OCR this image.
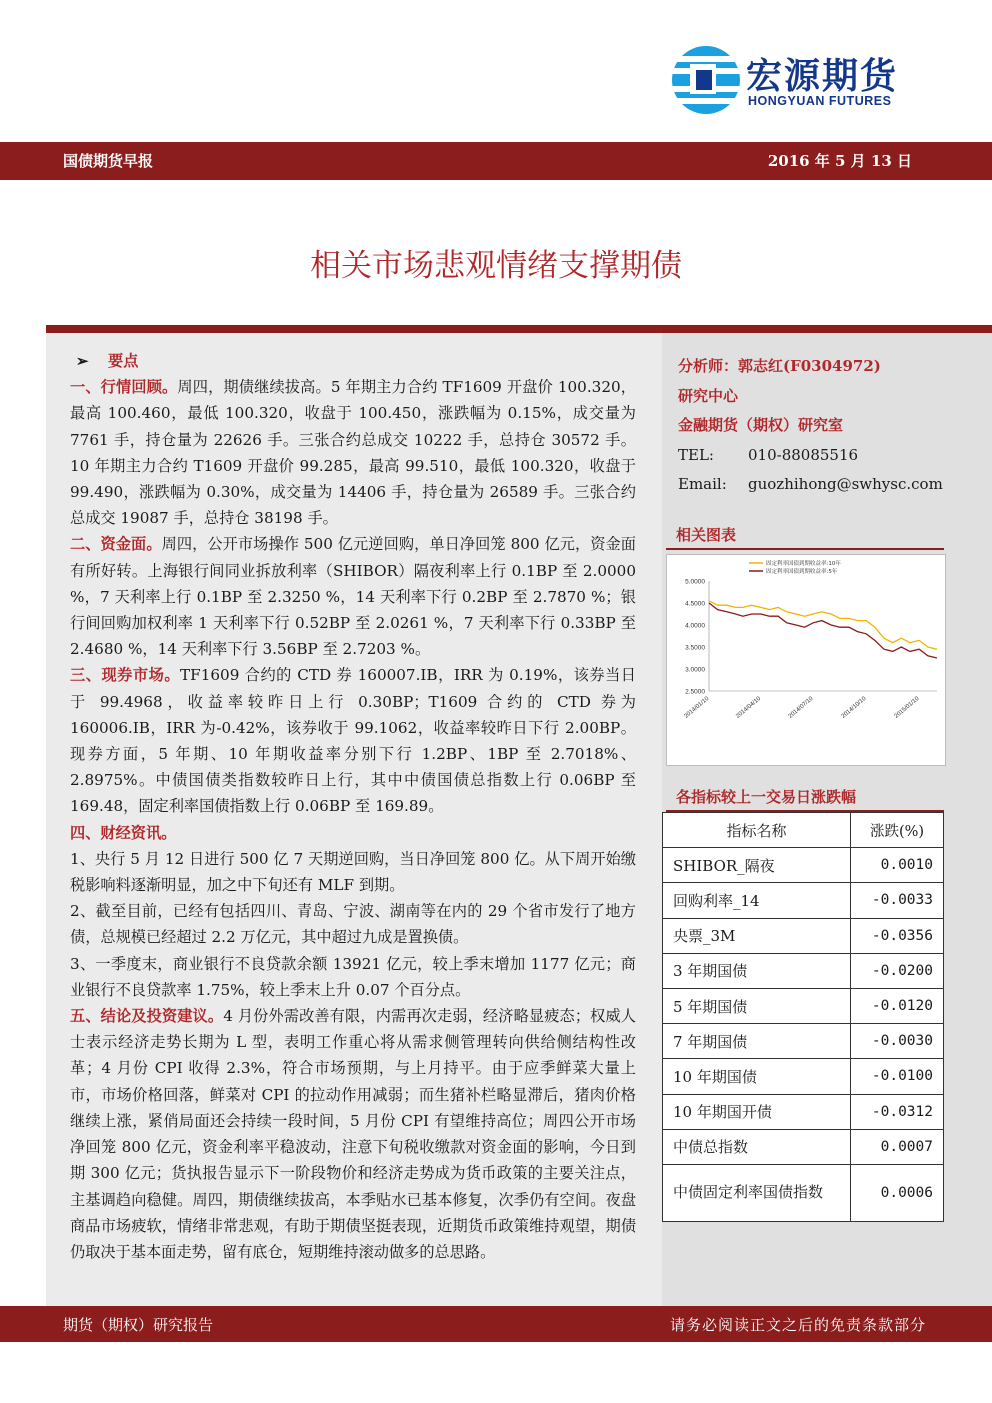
宏源期货
HONGYUAN FUTURES
国债期货早报	2016 年 5 月 13 日
相关市场悲观情绪支撑期债

➢ 要点

一、行情回顾。周四，期债继续拔高。5 年期主力合约 TF1609 开盘价 100.320，最高 100.460，最低 100.320，收盘于 100.450，涨跌幅为 0.15%，成交量为 7761 手，持仓量为 22626 手。三张合约总成交 10222 手，总持仓 30572 手。10 年期主力合约 T1609 开盘价 99.285，最高 99.510，最低 100.320，收盘于 99.490，涨跌幅为 0.30%，成交量为 14406 手，持仓量为 26589 手。三张合约总成交 19087 手，总持仓 38198 手。

二、资金面。周四，公开市场操作 500 亿元逆回购，单日净回笼 800 亿元，资金面有所好转。上海银行间同业拆放利率（SHIBOR）隔夜利率上行 0.1BP 至 2.0000 %，7 天利率上行 0.1BP 至 2.3250 %，14 天利率下行 0.2BP 至 2.7870 %；银行间回购加权利率 1 天利率下行 0.52BP 至 2.0261 %，7 天利率下行 0.33BP 至 2.4680 %，14 天利率下行 3.56BP 至 2.7203 %。

三、现券市场。TF1609 合约的 CTD 券 160007.IB，IRR 为 0.19%，该券当日于 99.4968，收益率较昨日上行 0.30BP；T1609 合约的 CTD 券为 160006.IB，IRR 为-0.42%，该券收于 99.1062，收益率较昨日下行 2.00BP。现券方面，5 年期、10 年期收益率分别下行 1.2BP、1BP 至 2.7018%、2.8975%。中债国债类指数较昨日上行，其中中债国债总指数上行 0.06BP 至 169.48，固定利率国债指数上行 0.06BP 至 169.89。

四、财经资讯。

1、央行 5 月 12 日进行 500 亿 7 天期逆回购，当日净回笼 800 亿。从下周开始缴税影响料逐渐明显，加之中下旬还有 MLF 到期。

2、截至目前，已经有包括四川、青岛、宁波、湖南等在内的 29 个省市发行了地方债，总规模已经超过 2.2 万亿元，其中超过九成是置换债。

3、一季度末，商业银行不良贷款余额 13921 亿元，较上季末增加 1177 亿元；商业银行不良贷款率 1.75%，较上季末上升 0.07 个百分点。

五、结论及投资建议。4 月份外需改善有限，内需再次走弱，经济略显疲态；权威人士表示经济走势长期为 L 型，表明工作重心将从需求侧管理转向供给侧结构性改革；4 月份 CPI 收得 2.3%，符合市场预期，与上月持平。由于应季鲜菜大量上市，市场价格回落，鲜菜对 CPI 的拉动作用减弱；而生猪补栏略显滞后，猪肉价格继续上涨，紧俏局面还会持续一段时间，5 月份 CPI 有望维持高位；周四公开市场净回笼 800 亿元，资金利率平稳波动，注意下旬税收缴款对资金面的影响，今日到期 300 亿元；货执报告显示下一阶段物价和经济走势成为货币政策的主要关注点，主基调趋向稳健。周四，期债继续拔高，本季贴水已基本修复，次季仍有空间。夜盘商品市场疲软，情绪非常悲观，有助于期债坚挺表现，近期货币政策维持观望，期债仍取决于基本面走势，留有底仓，短期维持滚动做多的总思路。

分析师：郭志红(F0304972)
研究中心
金融期货（期权）研究室
TEL: 010-88085516
Email: guozhihong@swhysc.com
相关图表
5.0000
4.5000
4.0000
3.5000
3.0000
2.5000
2014/01/10	2014/04/10	2014/07/10	2014/10/10	2015/01/10
固定利率国债到期收益率:10年
固定利率国债到期收益率:5年
各指标较上一交易日涨跌幅
指标名称	涨跌(%)
SHIBOR_隔夜	0.0010
回购利率_14	-0.0033
央票_3M	-0.0356
3 年期国债	-0.0200
5 年期国债	-0.0120
7 年期国债	-0.0030
10 年期国债	-0.0100
10 年期国开债	-0.0312
中债总指数	0.0007
中债固定利率国债指数	0.0006
期货（期权）研究报告	请务必阅读正文之后的免责条款部分
